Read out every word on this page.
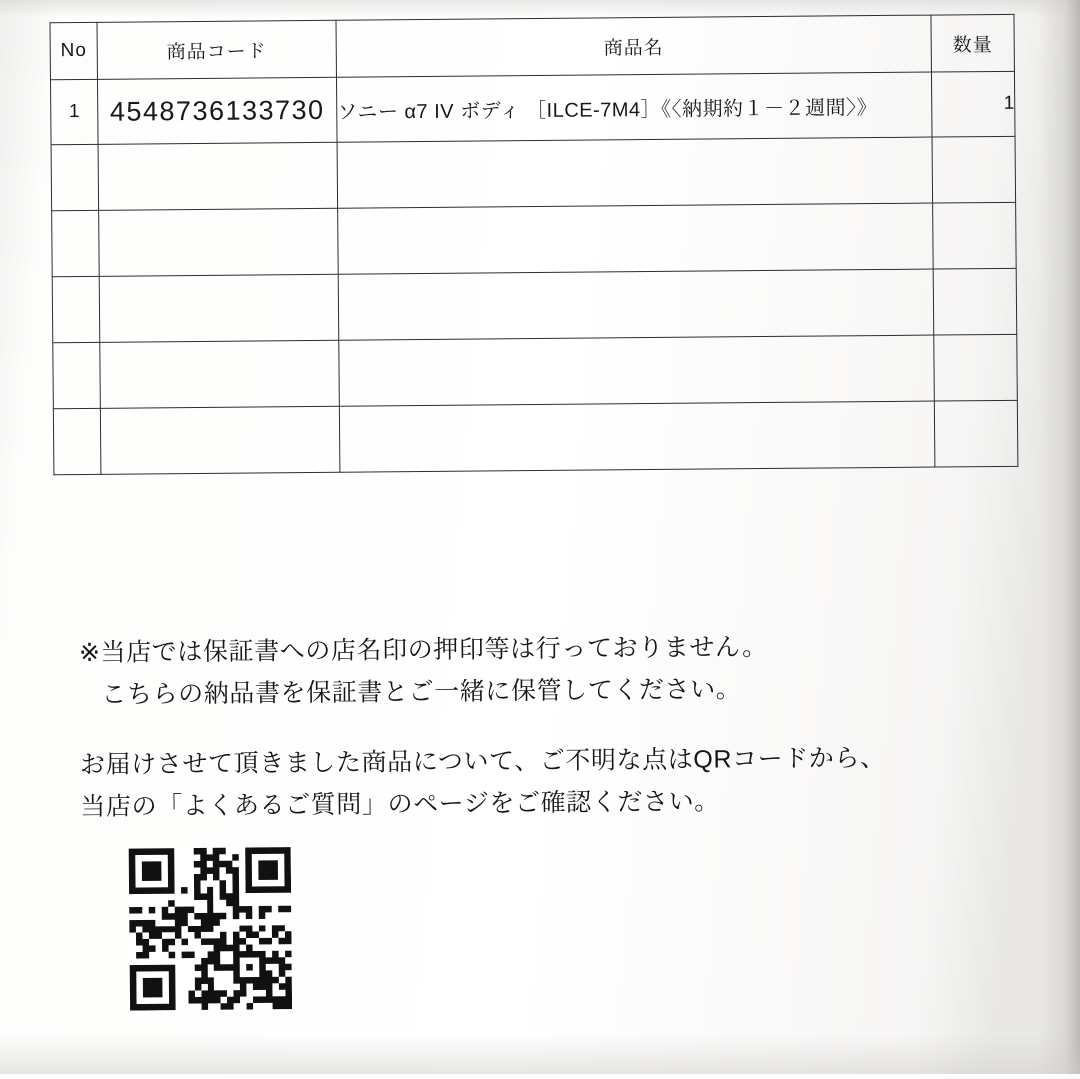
No	商品コード	商品名	数量
1	4548736133730	ソニー α7 IV ボディ ［ILCE-7M4］《〈納期約１－２週間〉》	1

※当店では保証書への店名印の押印等は行っておりません。
こちらの納品書を保証書とご一緒に保管してください。
お届けさせて頂きました商品について、ご不明な点はQRコードから、
当店の「よくあるご質問」のページをご確認ください。
